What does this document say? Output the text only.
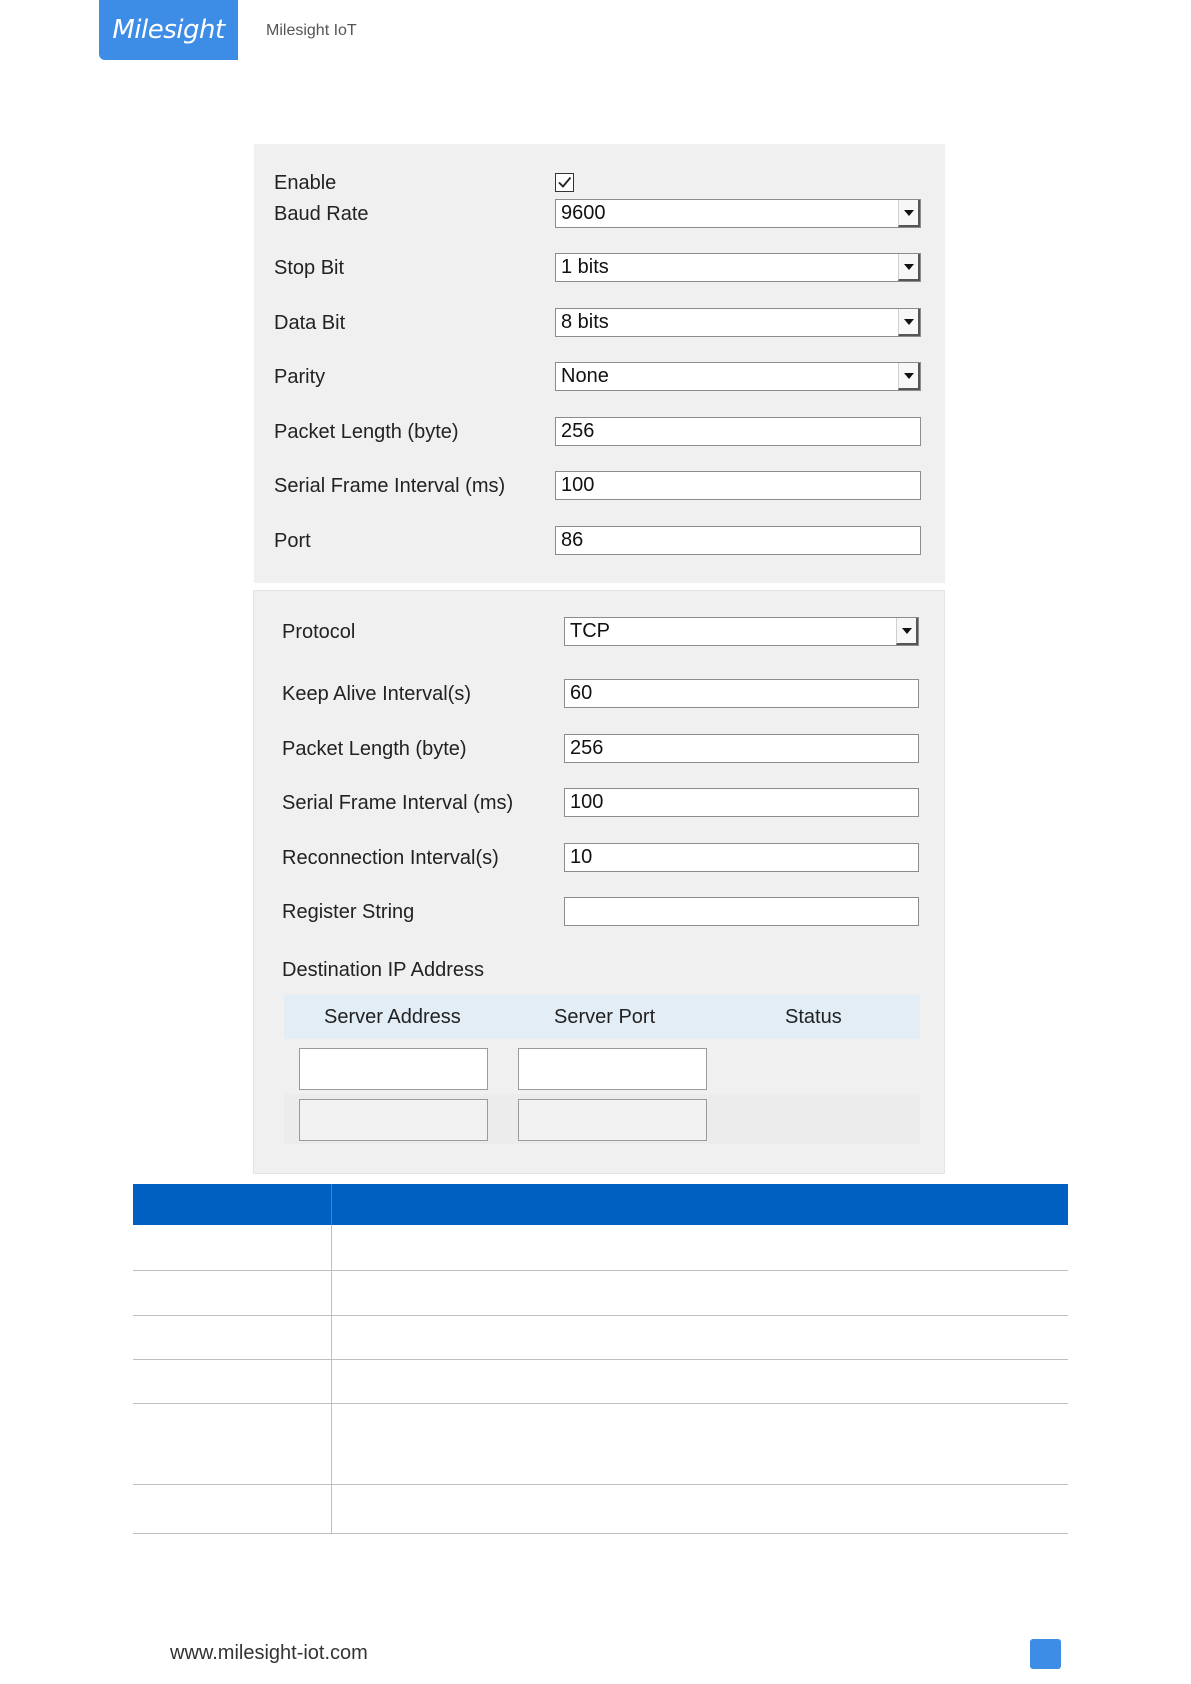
Milesight	Milesight IoT
Enable
Baud Rate	9600
Stop Bit	1 bits
Data Bit	8 bits
Parity	None
Packet Length (byte)	256
Serial Frame Interval (ms)	100
Port	86
Protocol	TCP
Keep Alive Interval(s)	60
Packet Length (byte)	256
Serial Frame Interval (ms)	100
Reconnection Interval(s)	10
Register String
Destination IP Address
Server Address	Server Port	Status
www.milesight-iot.com
